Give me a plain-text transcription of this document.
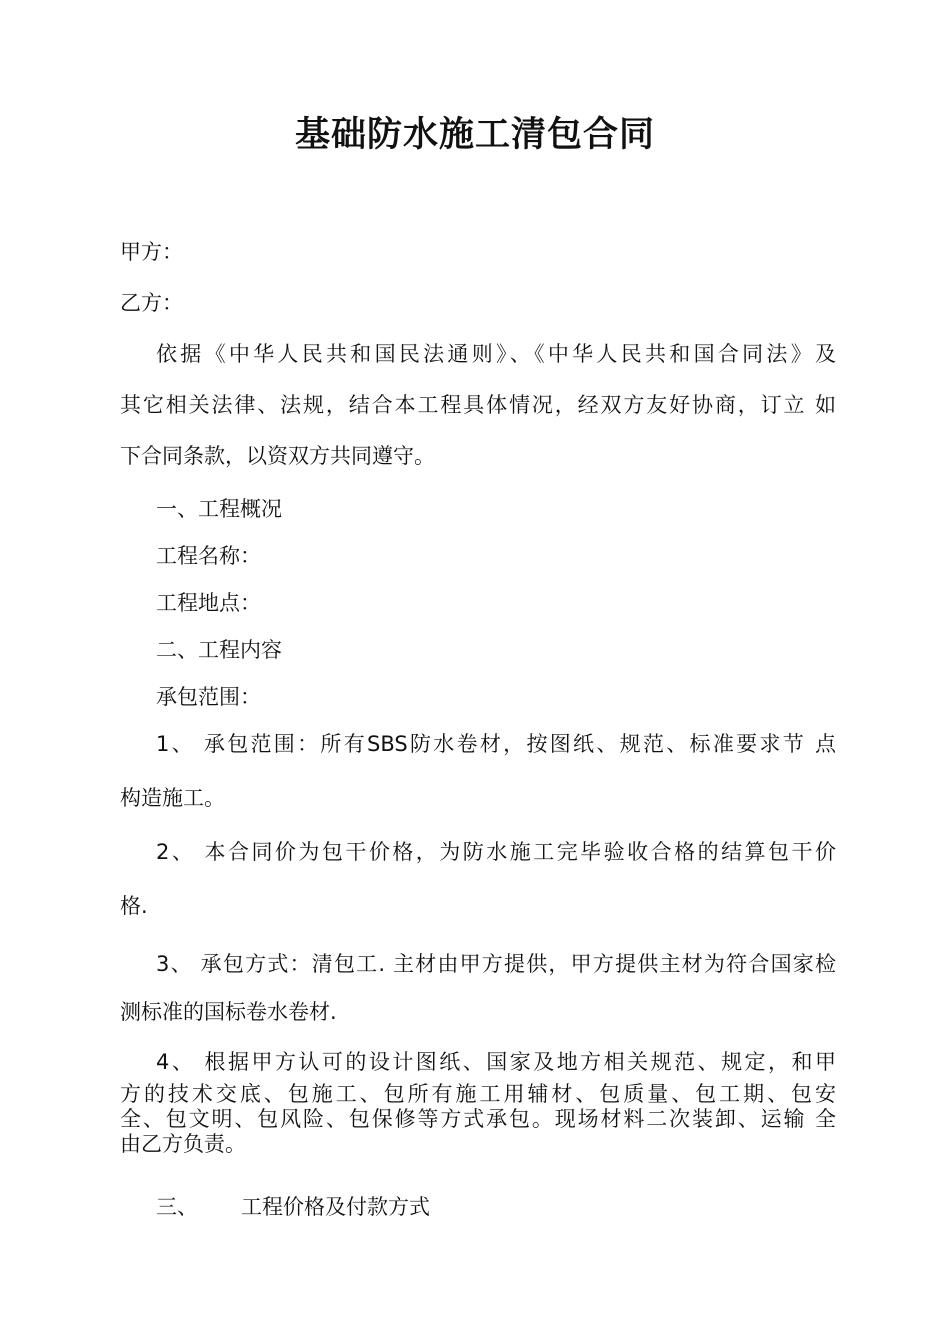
基础防水施工清包合同
甲方：
乙方：
依据《中华人民共和国民法通则》、《中华人民共和国合同法》及
其它相关法律、法规，结合本工程具体情况，经双方友好协商，订立 如
下合同条款，以资双方共同遵守。
一、工程概况
工程名称：
工程地点：
二、工程内容
承包范围：
1、 承包范围：所有SBS防水卷材，按图纸、规范、标准要求节 点
构造施工。
2、 本合同价为包干价格，为防水施工完毕验收合格的结算包干价
格.
3、 承包方式：清包工. 主材由甲方提供，甲方提供主材为符合国家检
测标准的国标卷水卷材.
4、 根据甲方认可的设计图纸、国家及地方相关规范、规定，和甲
方的技术交底、包施工、包所有施工用辅材、包质量、包工期、包安
全、包文明、包风险、包保修等方式承包。现场材料二次装卸、运输 全
由乙方负责。
三、 工程价格及付款方式
